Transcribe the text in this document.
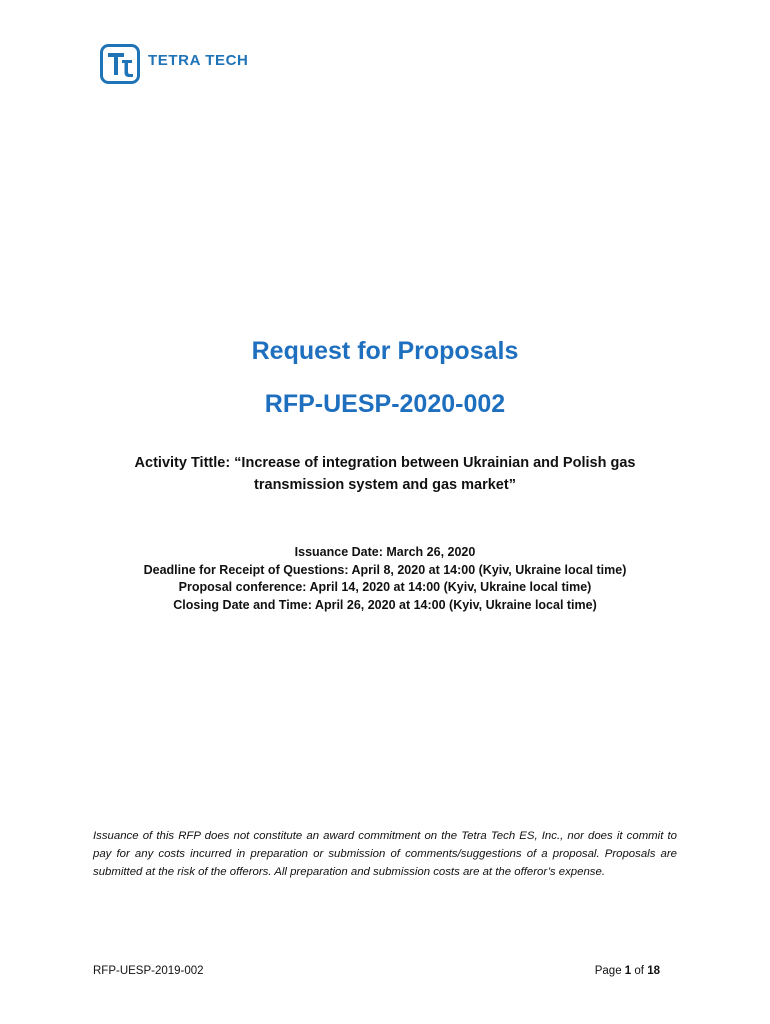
TETRA TECH
Request for Proposals
RFP-UESP-2020-002

Activity Tittle: “Increase of integration between Ukrainian and Polish gas
transmission system and gas market”

Issuance Date: March 26, 2020
Deadline for Receipt of Questions: April 8, 2020 at 14:00 (Kyiv, Ukraine local time)
Proposal conference: April 14, 2020 at 14:00 (Kyiv, Ukraine local time)
Closing Date and Time: April 26, 2020 at 14:00 (Kyiv, Ukraine local time)

Issuance of this RFP does not constitute an award commitment on the Tetra Tech ES, Inc., nor does it commit to pay for any costs incurred in preparation or submission of comments/suggestions of a proposal. Proposals are submitted at the risk of the offerors. All preparation and submission costs are at the offeror’s expense.

RFP-UESP-2019-002	Page 1 of 18
